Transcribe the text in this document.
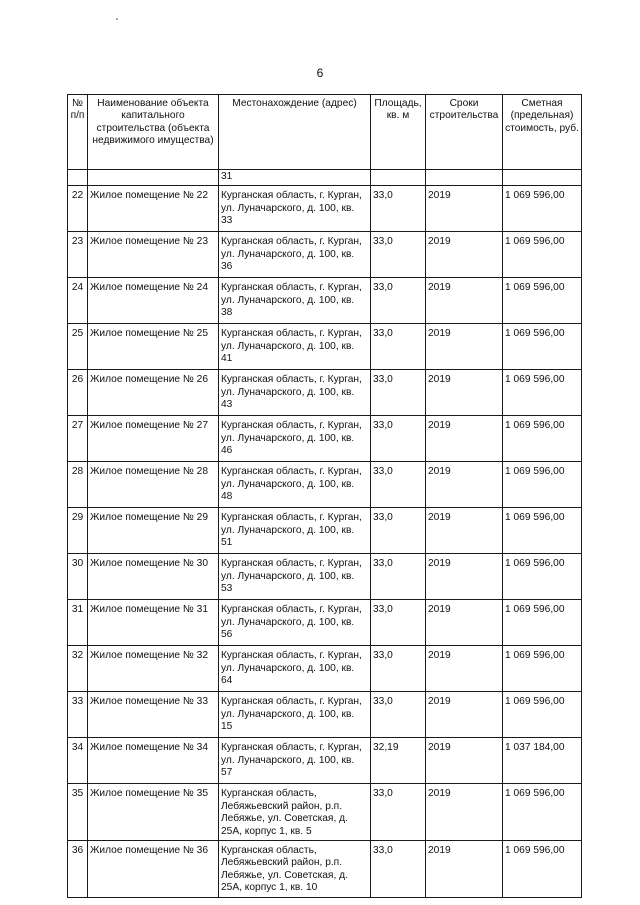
6
№ п/п	Наименование объекта капитального строительства (объекта недвижимого имущества)	Местонахождение (адрес)	Площадь, кв. м	Сроки строительства	Сметная (предельная) стоимость, руб.
		31			
22	Жилое помещение № 22	Курганская область, г. Курган, ул. Луначарского, д. 100, кв. 33	33,0	2019	1 069 596,00
23	Жилое помещение № 23	Курганская область, г. Курган, ул. Луначарского, д. 100, кв. 36	33,0	2019	1 069 596,00
24	Жилое помещение № 24	Курганская область, г. Курган, ул. Луначарского, д. 100, кв. 38	33,0	2019	1 069 596,00
25	Жилое помещение № 25	Курганская область, г. Курган, ул. Луначарского, д. 100, кв. 41	33,0	2019	1 069 596,00
26	Жилое помещение № 26	Курганская область, г. Курган, ул. Луначарского, д. 100, кв. 43	33,0	2019	1 069 596,00
27	Жилое помещение № 27	Курганская область, г. Курган, ул. Луначарского, д. 100, кв. 46	33,0	2019	1 069 596,00
28	Жилое помещение № 28	Курганская область, г. Курган, ул. Луначарского, д. 100, кв. 48	33,0	2019	1 069 596,00
29	Жилое помещение № 29	Курганская область, г. Курган, ул. Луначарского, д. 100, кв. 51	33,0	2019	1 069 596,00
30	Жилое помещение № 30	Курганская область, г. Курган, ул. Луначарского, д. 100, кв. 53	33,0	2019	1 069 596,00
31	Жилое помещение № 31	Курганская область, г. Курган, ул. Луначарского, д. 100, кв. 56	33,0	2019	1 069 596,00
32	Жилое помещение № 32	Курганская область, г. Курган, ул. Луначарского, д. 100, кв. 64	33,0	2019	1 069 596,00
33	Жилое помещение № 33	Курганская область, г. Курган, ул. Луначарского, д. 100, кв. 15	33,0	2019	1 069 596,00
34	Жилое помещение № 34	Курганская область, г. Курган, ул. Луначарского, д. 100, кв. 57	32,19	2019	1 037 184,00
35	Жилое помещение № 35	Курганская область, Лебяжьевский район, р.п. Лебяжье, ул. Советская, д. 25А, корпус 1, кв. 5	33,0	2019	1 069 596,00
36	Жилое помещение № 36	Курганская область, Лебяжьевский район, р.п. Лебяжье, ул. Советская, д. 25А, корпус 1, кв. 10	33,0	2019	1 069 596,00
